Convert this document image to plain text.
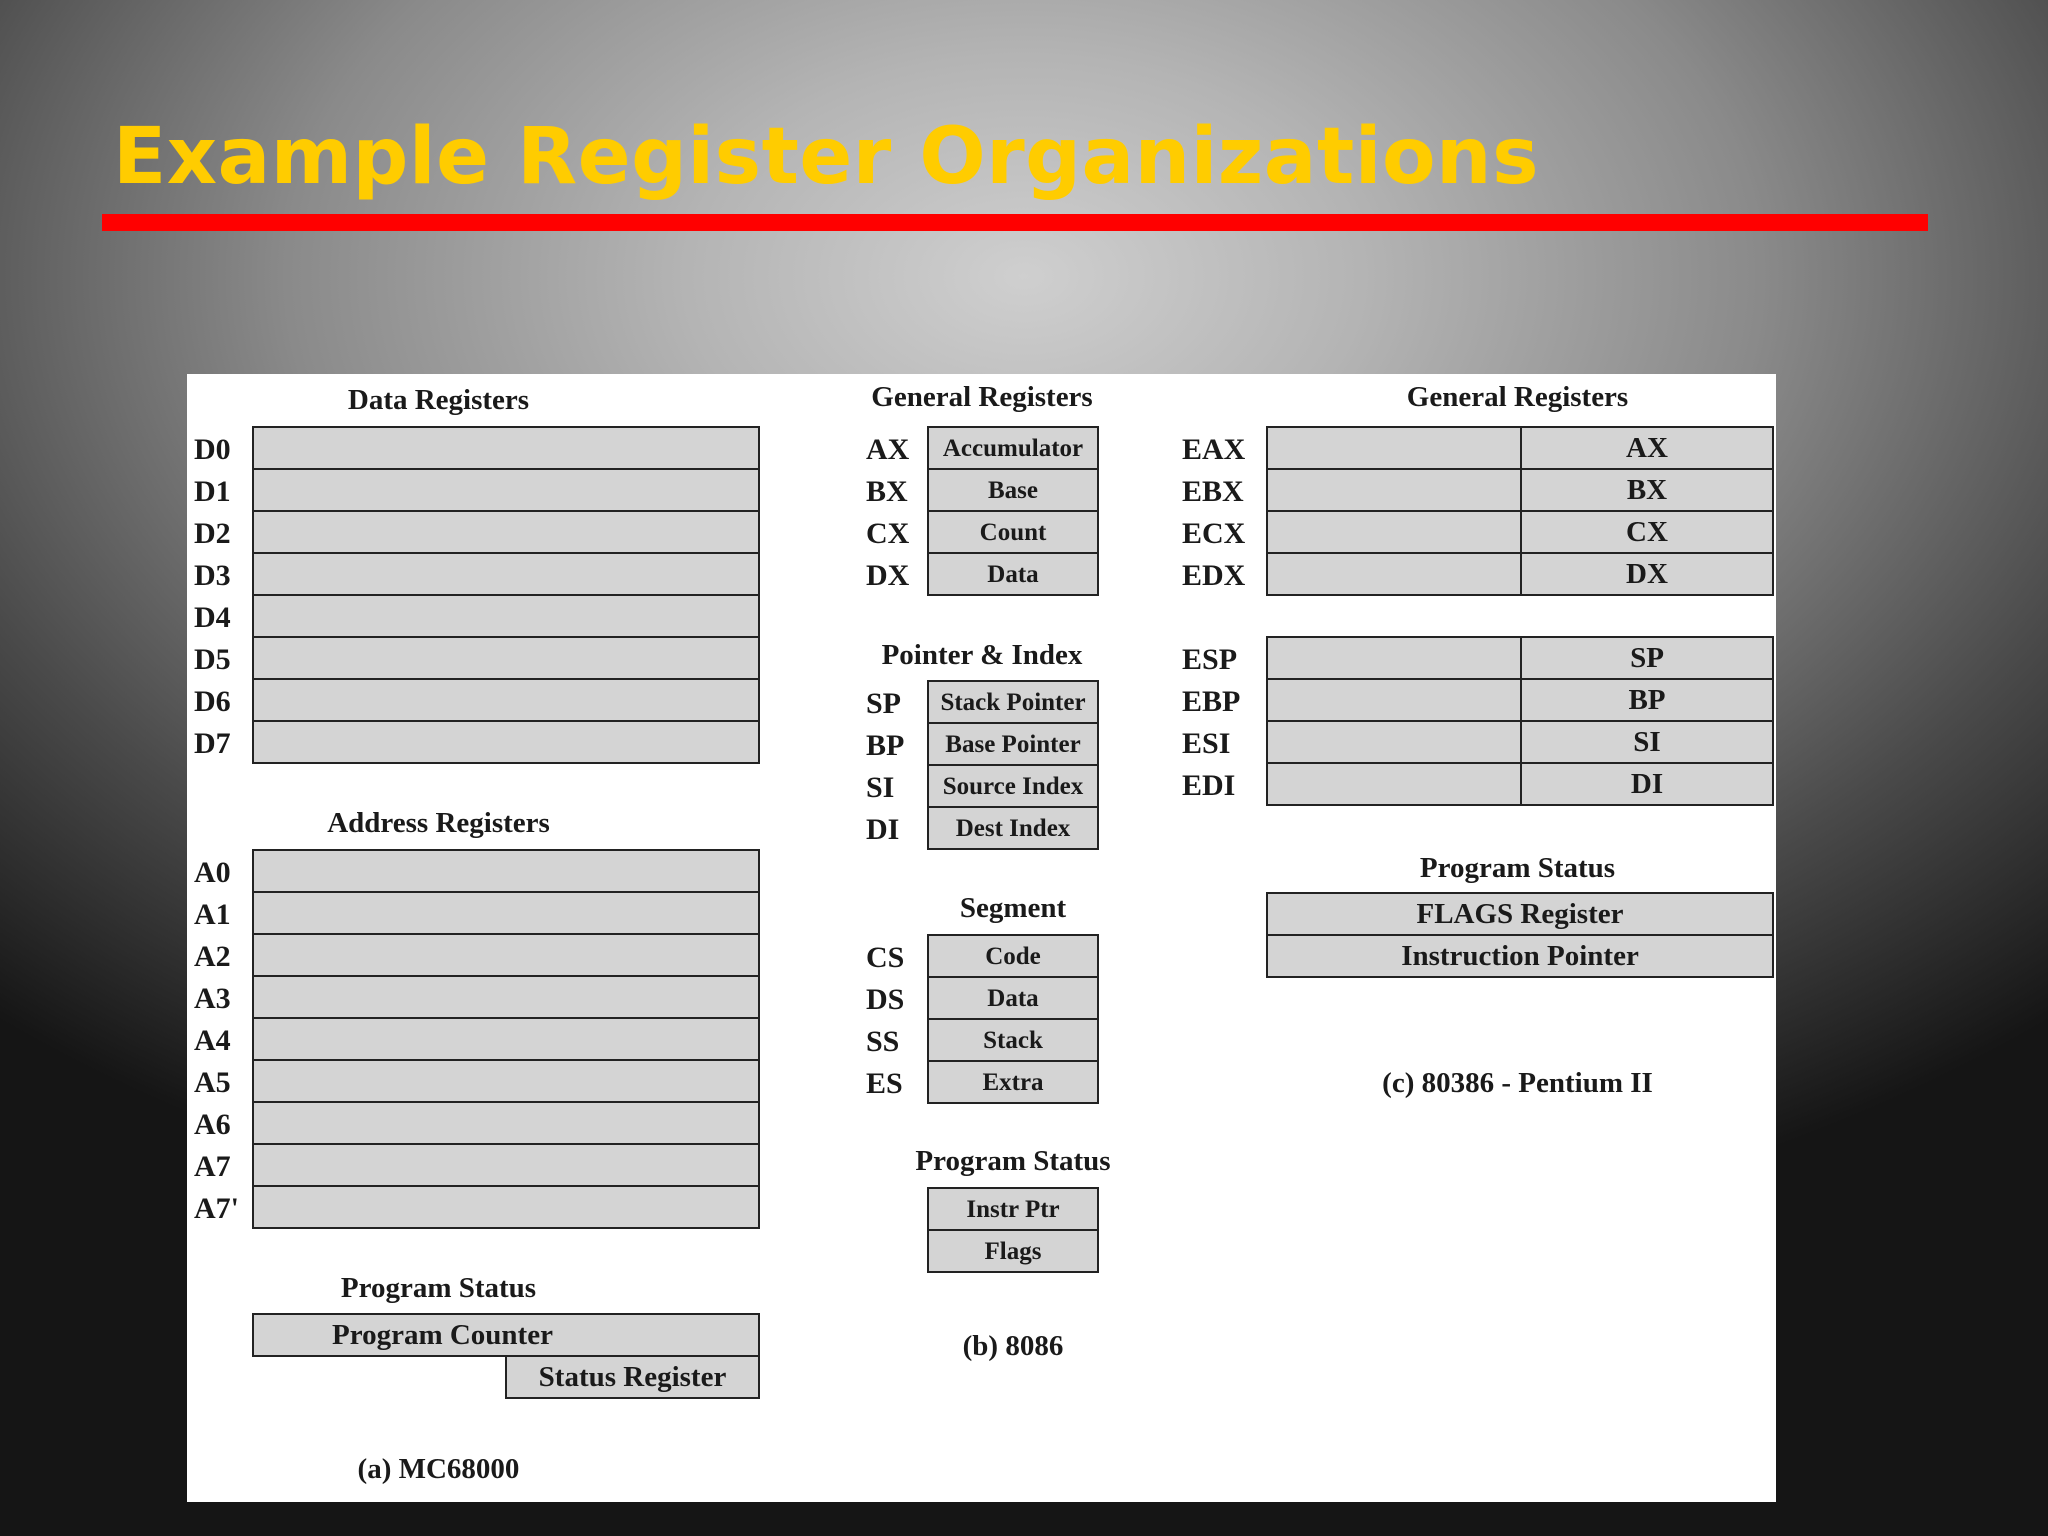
Example Register Organizations
Data Registers
D0
D1
D2
D3
D4
D5
D6
D7
Address Registers
A0
A1
A2
A3
A4
A5
A6
A7
A7'
Program Status
Program Counter
Status Register
(a) MC68000
General Registers
AX	Accumulator
BX	Base
CX	Count
DX	Data
Pointer & Index
SP	Stack Pointer
BP	Base Pointer
SI	Source Index
DI	Dest Index
Segment
CS	Code
DS	Data
SS	Stack
ES	Extra
Program Status
Instr Ptr
Flags
(b) 8086
General Registers
EAX	AX
EBX	BX
ECX	CX
EDX	DX
ESP	SP
EBP	BP
ESI	SI
EDI	DI
Program Status
FLAGS Register
Instruction Pointer
(c) 80386 - Pentium II
